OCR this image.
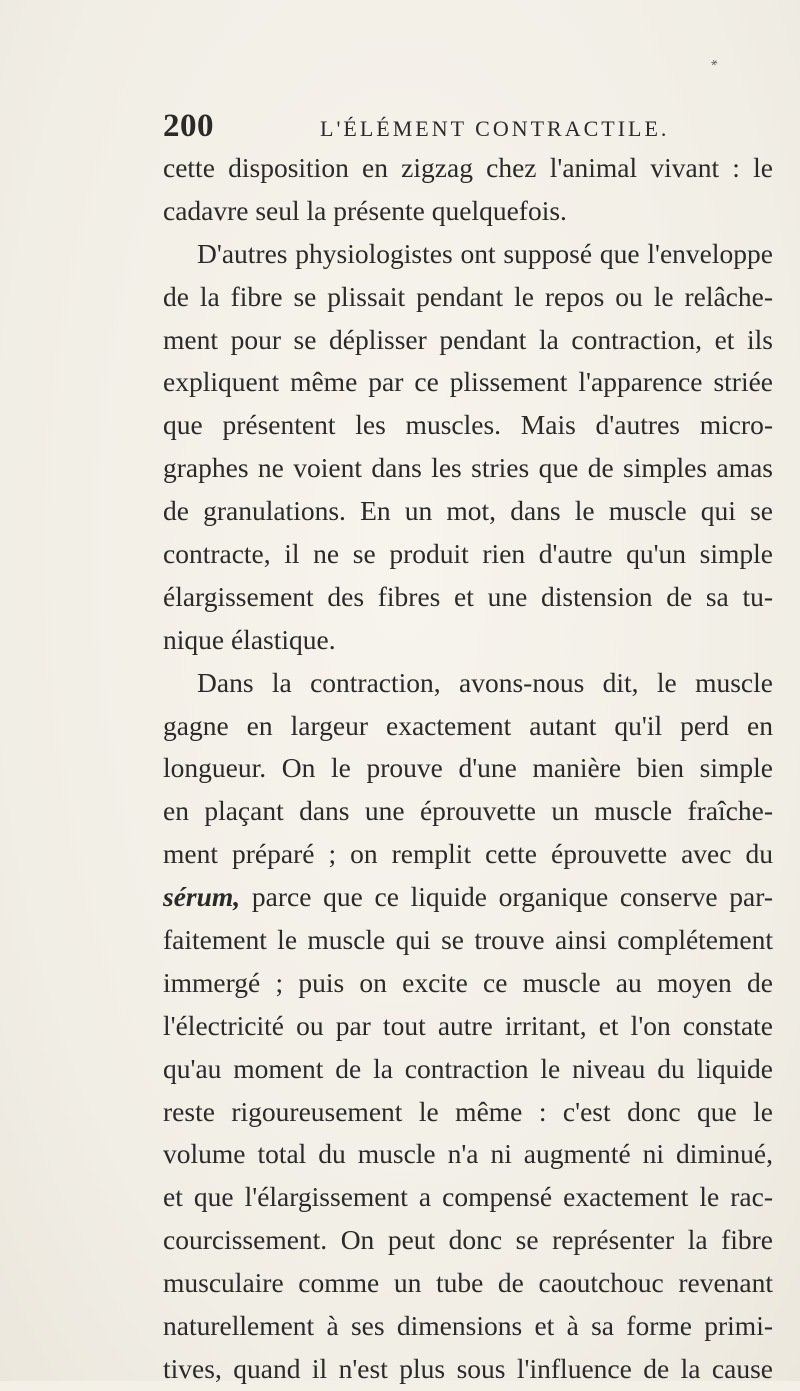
*
200	L'ÉLÉMENT CONTRACTILE.
cette disposition en zigzag chez l'animal vivant : le
cadavre seul la présente quelquefois.
D'autres physiologistes ont supposé que l'enveloppe
de la fibre se plissait pendant le repos ou le relâche-
ment pour se déplisser pendant la contraction, et ils
expliquent même par ce plissement l'apparence striée
que présentent les muscles. Mais d'autres micro-
graphes ne voient dans les stries que de simples amas
de granulations. En un mot, dans le muscle qui se
contracte, il ne se produit rien d'autre qu'un simple
élargissement des fibres et une distension de sa tu-
nique élastique.
Dans la contraction, avons-nous dit, le muscle
gagne en largeur exactement autant qu'il perd en
longueur. On le prouve d'une manière bien simple
en plaçant dans une éprouvette un muscle fraîche-
ment préparé ; on remplit cette éprouvette avec du
sérum, parce que ce liquide organique conserve par-
faitement le muscle qui se trouve ainsi complétement
immergé ; puis on excite ce muscle au moyen de
l'électricité ou par tout autre irritant, et l'on constate
qu'au moment de la contraction le niveau du liquide
reste rigoureusement le même : c'est donc que le
volume total du muscle n'a ni augmenté ni diminué,
et que l'élargissement a compensé exactement le rac-
courcissement. On peut donc se représenter la fibre
musculaire comme un tube de caoutchouc revenant
naturellement à ses dimensions et à sa forme primi-
tives, quand il n'est plus sous l'influence de la cause
